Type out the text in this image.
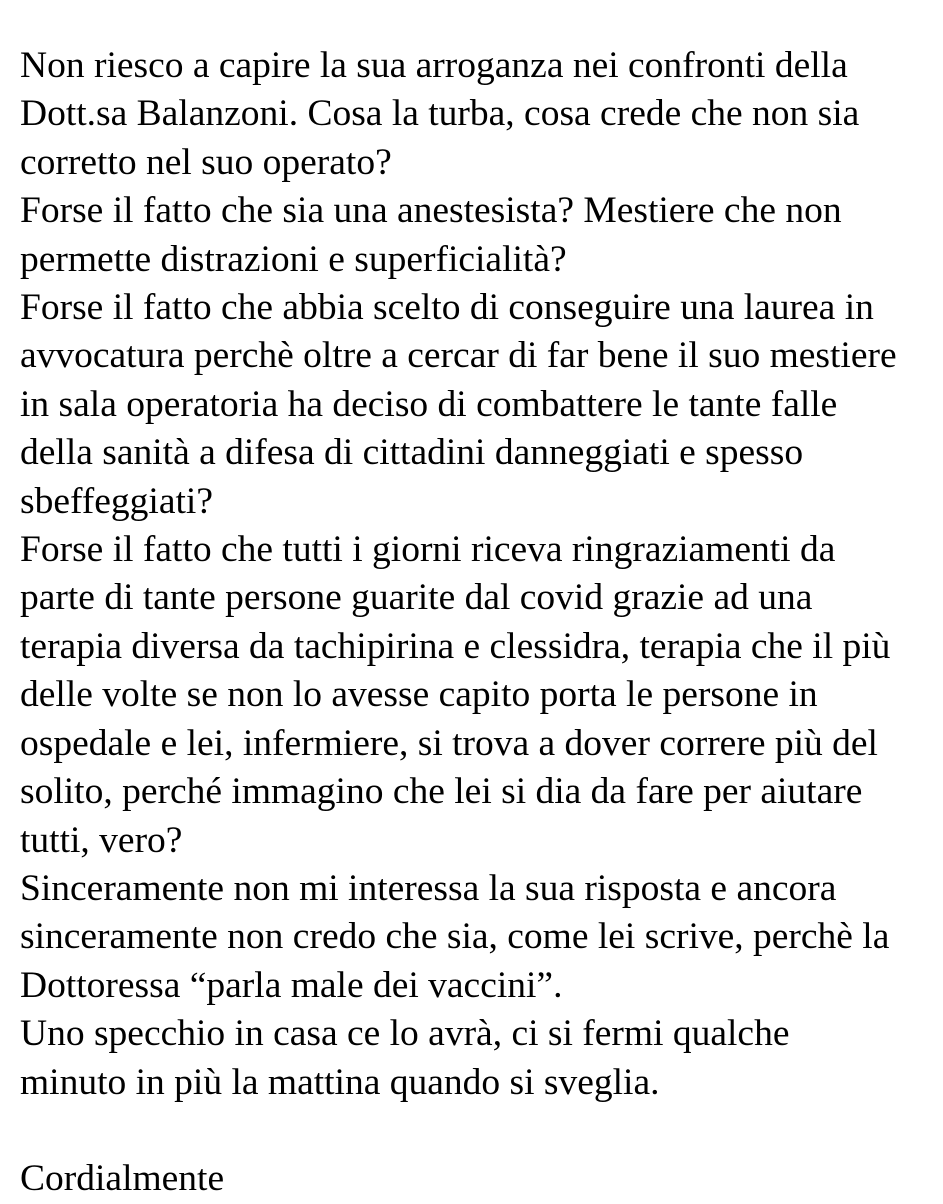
Non riesco a capire la sua arroganza nei confronti della
Dott.sa Balanzoni. Cosa la turba, cosa crede che non sia
corretto nel suo operato?
Forse il fatto che sia una anestesista? Mestiere che non
permette distrazioni e superficialità?
Forse il fatto che abbia scelto di conseguire una laurea in
avvocatura perchè oltre a cercar di far bene il suo mestiere
in sala operatoria ha deciso di combattere le tante falle
della sanità a difesa di cittadini danneggiati e spesso
sbeffeggiati?
Forse il fatto che tutti i giorni riceva ringraziamenti da
parte di tante persone guarite dal covid grazie ad una
terapia diversa da tachipirina e clessidra, terapia che il più
delle volte se non lo avesse capito porta le persone in
ospedale e lei, infermiere, si trova a dover correre più del
solito, perché immagino che lei si dia da fare per aiutare
tutti, vero?
Sinceramente non mi interessa la sua risposta e ancora
sinceramente non credo che sia, come lei scrive, perchè la
Dottoressa “parla male dei vaccini”.
Uno specchio in casa ce lo avrà, ci si fermi qualche
minuto in più la mattina quando si sveglia.
Cordialmente
